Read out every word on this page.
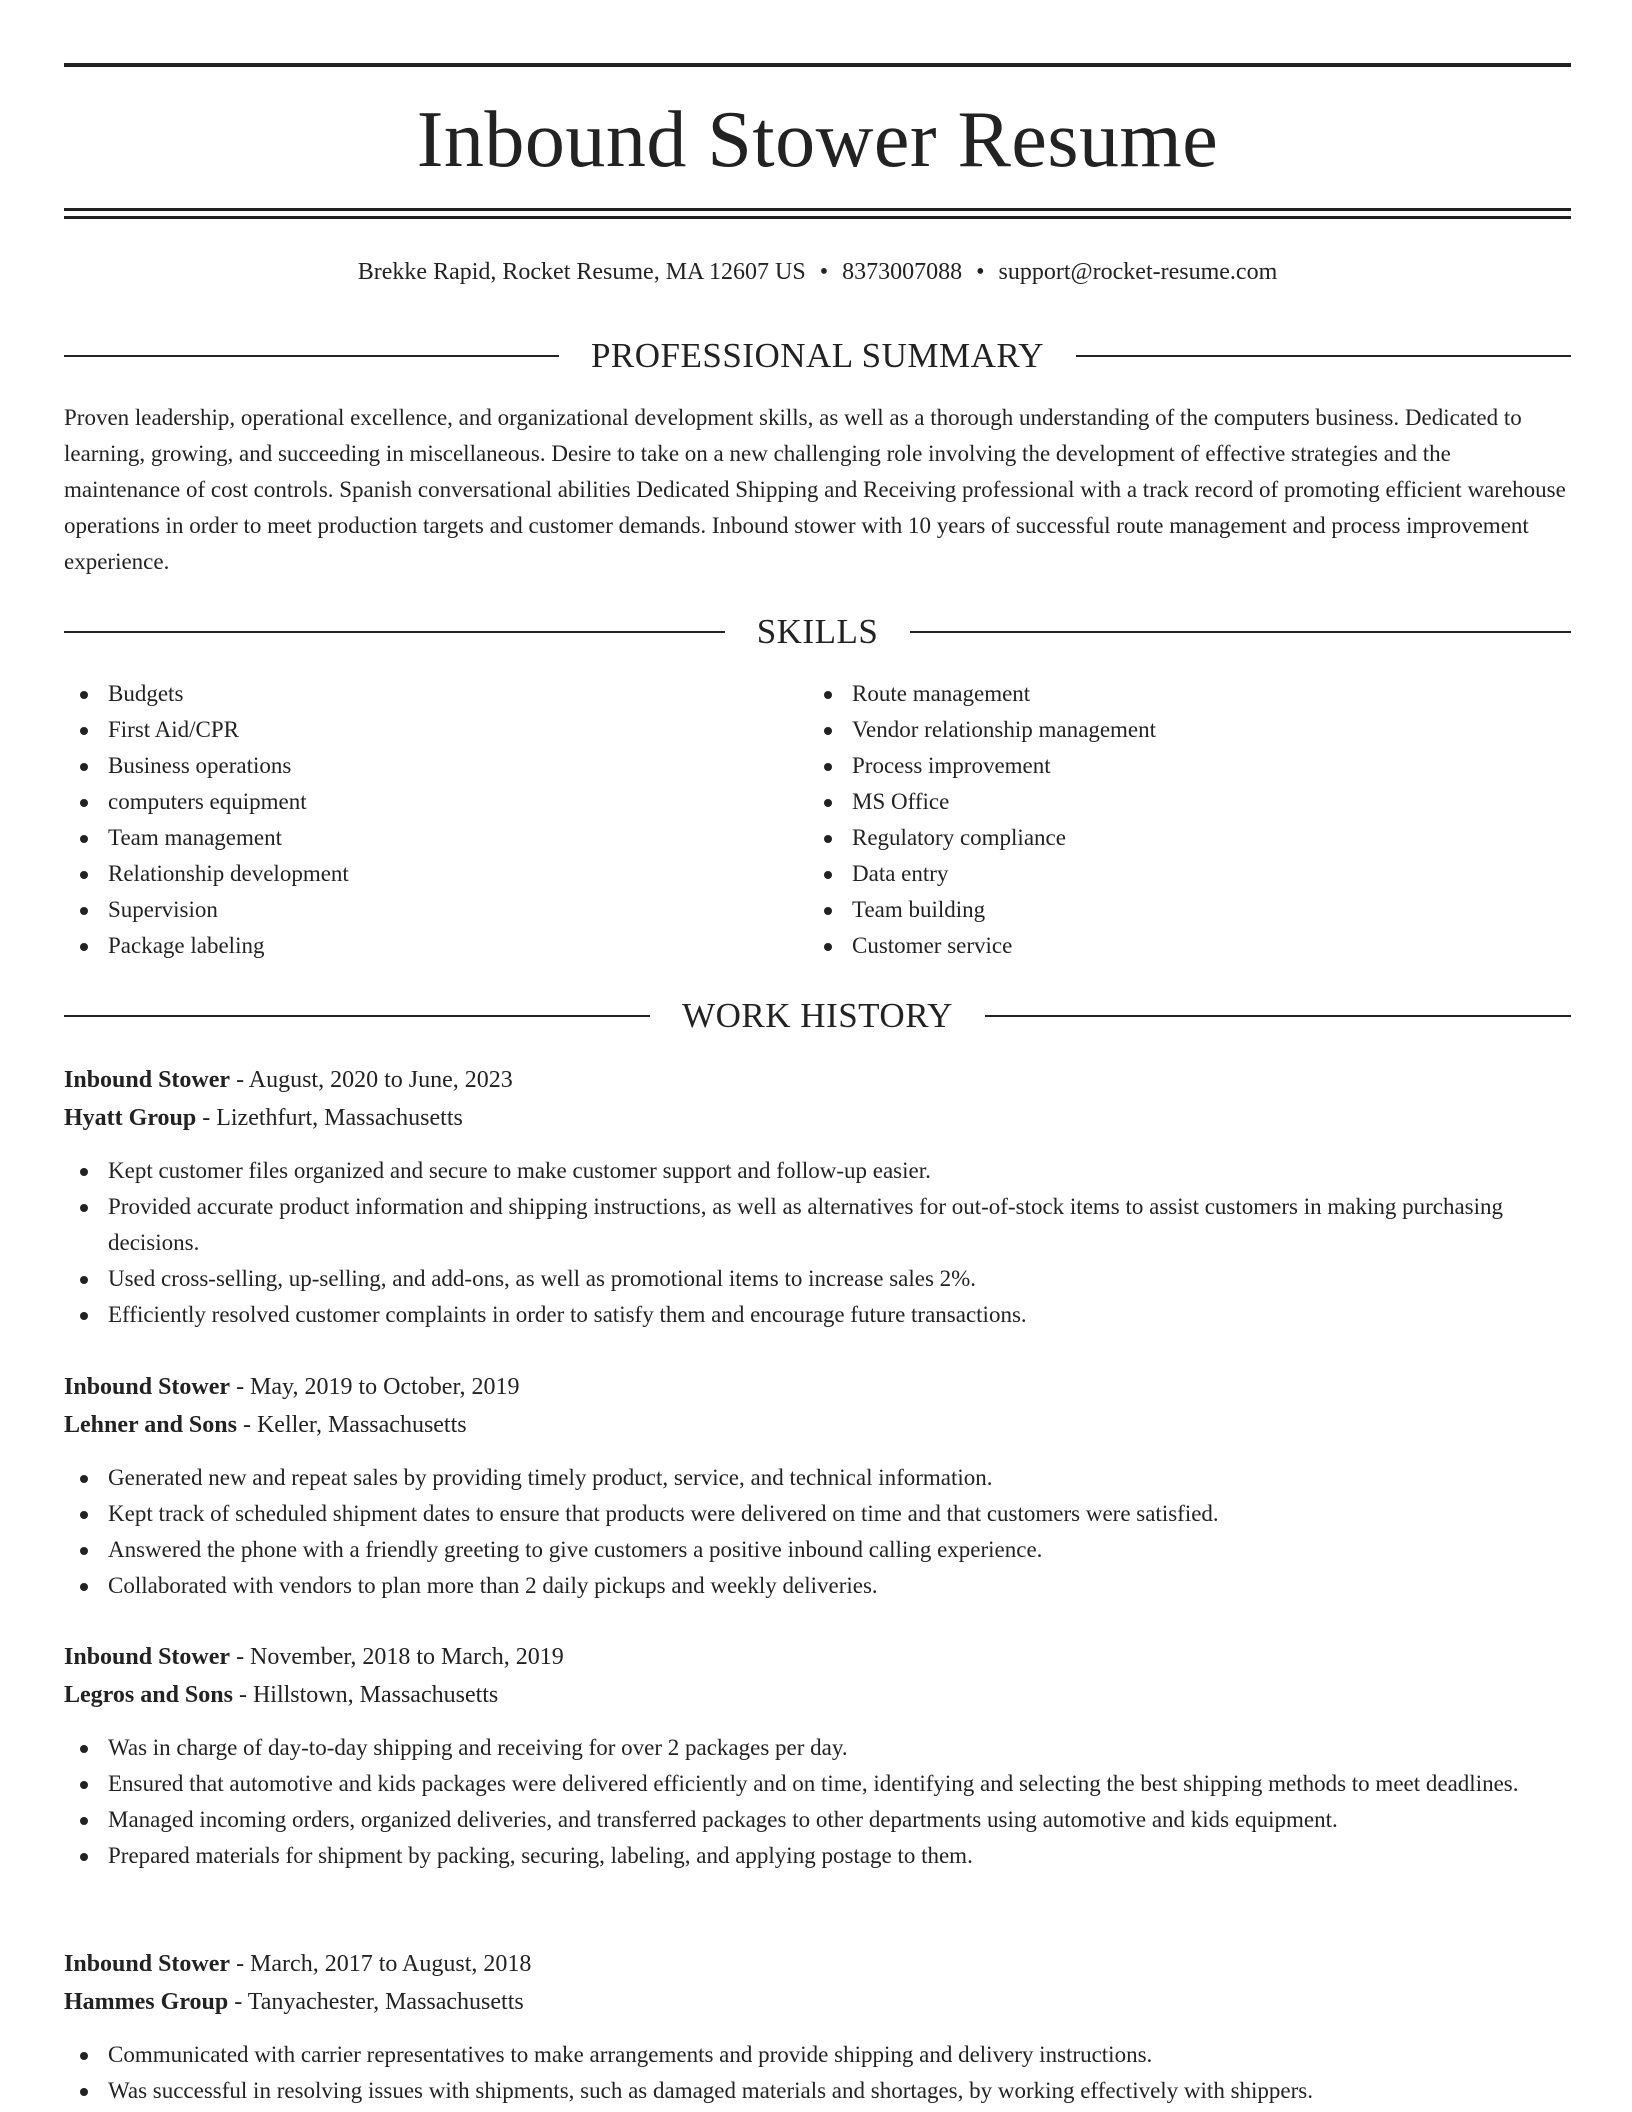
Inbound Stower Resume
Brekke Rapid, Rocket Resume, MA 12607 US • 8373007088 • support@rocket-resume.com
PROFESSIONAL SUMMARY

Proven leadership, operational excellence, and organizational development skills, as well as a thorough understanding of the computers business. Dedicated to learning, growing, and succeeding in miscellaneous. Desire to take on a new challenging role involving the development of effective strategies and the maintenance of cost controls. Spanish conversational abilities Dedicated Shipping and Receiving professional with a track record of promoting efficient warehouse operations in order to meet production targets and customer demands. Inbound stower with 10 years of successful route management and process improvement experience.

SKILLS
Budgets
First Aid/CPR
Business operations
computers equipment
Team management
Relationship development
Supervision
Package labeling
Route management
Vendor relationship management
Process improvement
MS Office
Regulatory compliance
Data entry
Team building
Customer service
WORK HISTORY
Inbound Stower - August, 2020 to June, 2023
Hyatt Group - Lizethfurt, Massachusetts
Kept customer files organized and secure to make customer support and follow-up easier.
Provided accurate product information and shipping instructions, as well as alternatives for out-of-stock items to assist customers in making purchasing decisions.
Used cross-selling, up-selling, and add-ons, as well as promotional items to increase sales 2%.
Efficiently resolved customer complaints in order to satisfy them and encourage future transactions.
Inbound Stower - May, 2019 to October, 2019
Lehner and Sons - Keller, Massachusetts
Generated new and repeat sales by providing timely product, service, and technical information.
Kept track of scheduled shipment dates to ensure that products were delivered on time and that customers were satisfied.
Answered the phone with a friendly greeting to give customers a positive inbound calling experience.
Collaborated with vendors to plan more than 2 daily pickups and weekly deliveries.
Inbound Stower - November, 2018 to March, 2019
Legros and Sons - Hillstown, Massachusetts
Was in charge of day-to-day shipping and receiving for over 2 packages per day.
Ensured that automotive and kids packages were delivered efficiently and on time, identifying and selecting the best shipping methods to meet deadlines.
Managed incoming orders, organized deliveries, and transferred packages to other departments using automotive and kids equipment.
Prepared materials for shipment by packing, securing, labeling, and applying postage to them.
Inbound Stower - March, 2017 to August, 2018
Hammes Group - Tanyachester, Massachusetts
Communicated with carrier representatives to make arrangements and provide shipping and delivery instructions.
Was successful in resolving issues with shipments, such as damaged materials and shortages, by working effectively with shippers.
